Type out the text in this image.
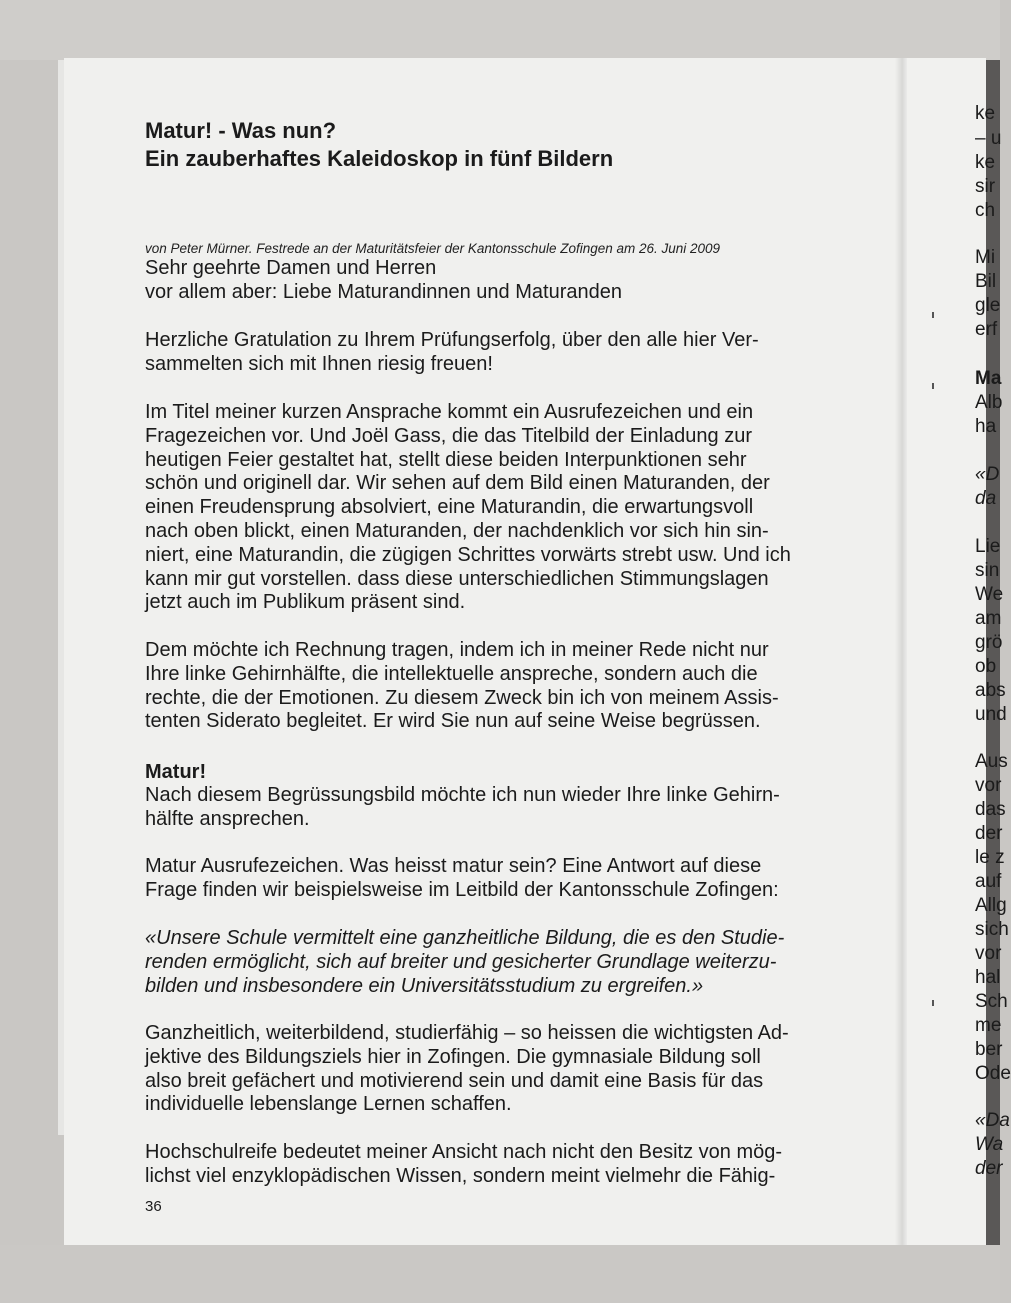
Matur! - Was nun?
Ein zauberhaftes Kaleidoskop in fünf Bildern
von Peter Mürner. Festrede an der Maturitätsfeier der Kantonsschule Zofingen am 26. Juni 2009
Sehr geehrte Damen und Herren
vor allem aber: Liebe Maturandinnen und Maturanden
Herzliche Gratulation zu Ihrem Prüfungserfolg, über den alle hier Ver-
sammelten sich mit Ihnen riesig freuen!
Im Titel meiner kurzen Ansprache kommt ein Ausrufezeichen und ein
Fragezeichen vor. Und Joël Gass, die das Titelbild der Einladung zur
heutigen Feier gestaltet hat, stellt diese beiden Interpunktionen sehr
schön und originell dar. Wir sehen auf dem Bild einen Maturanden, der
einen Freudensprung absolviert, eine Maturandin, die erwartungsvoll
nach oben blickt, einen Maturanden, der nachdenklich vor sich hin sin-
niert, eine Maturandin, die zügigen Schrittes vorwärts strebt usw. Und ich
kann mir gut vorstellen. dass diese unterschiedlichen Stimmungslagen
jetzt auch im Publikum präsent sind.
Dem möchte ich Rechnung tragen, indem ich in meiner Rede nicht nur
Ihre linke Gehirnhälfte, die intellektuelle anspreche, sondern auch die
rechte, die der Emotionen. Zu diesem Zweck bin ich von meinem Assis-
tenten Siderato begleitet. Er wird Sie nun auf seine Weise begrüssen.
Matur!
Nach diesem Begrüssungsbild möchte ich nun wieder Ihre linke Gehirn-
hälfte ansprechen.
Matur Ausrufezeichen. Was heisst matur sein? Eine Antwort auf diese
Frage finden wir beispielsweise im Leitbild der Kantonsschule Zofingen:
«Unsere Schule vermittelt eine ganzheitliche Bildung, die es den Studie-
renden ermöglicht, sich auf breiter und gesicherter Grundlage weiterzu-
bilden und insbesondere ein Universitätsstudium zu ergreifen.»
Ganzheitlich, weiterbildend, studierfähig – so heissen die wichtigsten Ad-
jektive des Bildungsziels hier in Zofingen. Die gymnasiale Bildung soll
also breit gefächert und motivierend sein und damit eine Basis für das
individuelle lebenslange Lernen schaffen.
Hochschulreife bedeutet meiner Ansicht nach nicht den Besitz von mög-
lichst viel enzyklopädischen Wissen, sondern meint vielmehr die Fähig-
36
ke
– u
ke
sir
ch
Mi
Bil
gle
erf
Ma
Alb
ha
«D
da
Lie
sin
We
am
grö
ob
abs
und
Aus
vor
das
der
le z
auf
Allg
sich
vor
hal
Sch
me
ber
Ode
«Da
Wa
der
